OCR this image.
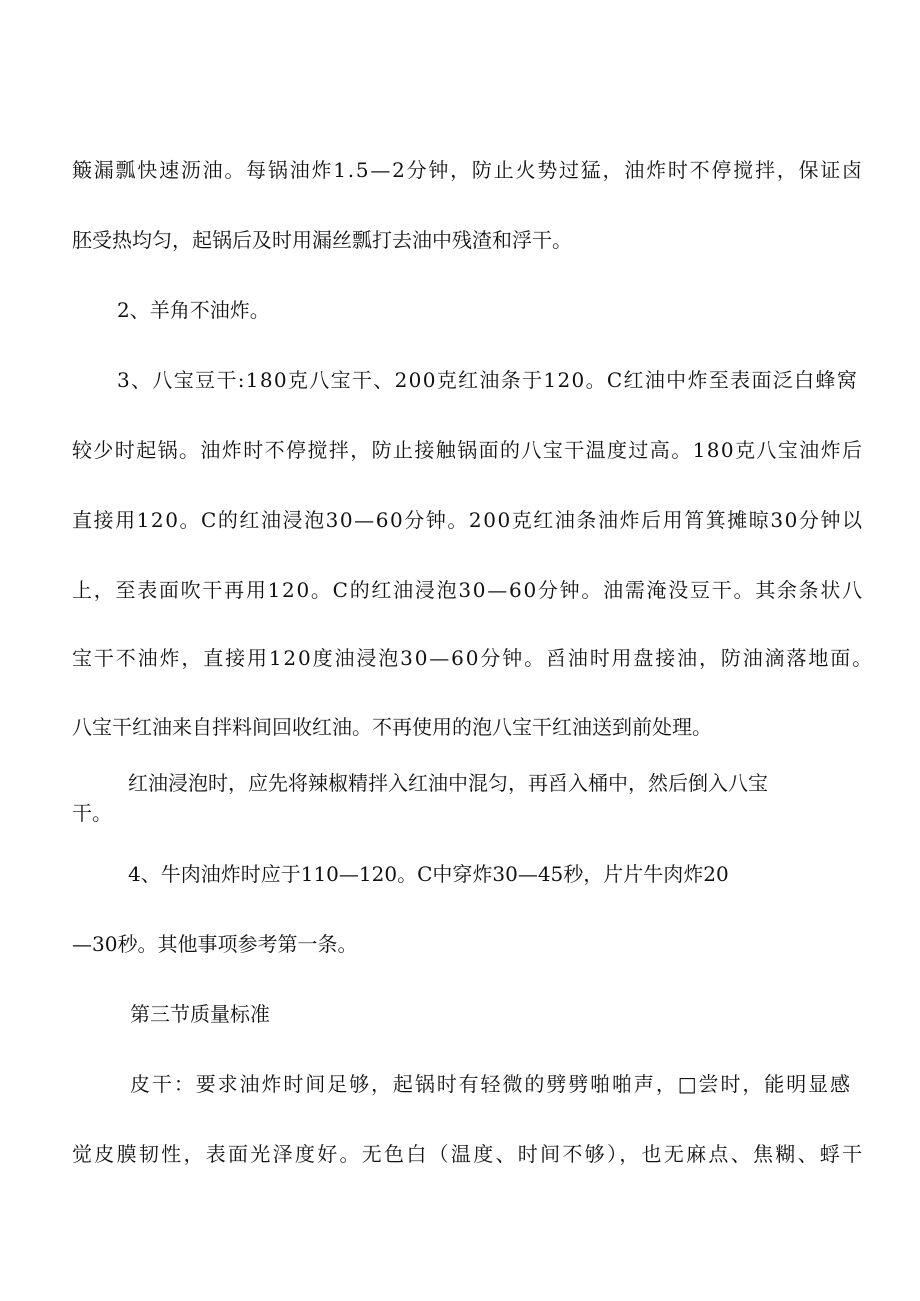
簸漏瓢快速沥油。每锅油炸1.5—2分钟，防止火势过猛，油炸时不停搅拌，保证卤

胚受热均匀，起锅后及时用漏丝瓢打去油中残渣和浮干。

2、羊角不油炸。

3、八宝豆干:180克八宝干、200克红油条于120。C红油中炸至表面泛白蜂窝

较少时起锅。油炸时不停搅拌，防止接触锅面的八宝干温度过高。180克八宝油炸后

直接用120。C的红油浸泡30—60分钟。200克红油条油炸后用筲箕摊晾30分钟以

上，至表面吹干再用120。C的红油浸泡30—60分钟。油需淹没豆干。其余条状八

宝干不油炸，直接用120度油浸泡30—60分钟。舀油时用盘接油，防油滴落地面。

八宝干红油来自拌料间回收红油。不再使用的泡八宝干红油送到前处理。

红油浸泡时，应先将辣椒精拌入红油中混匀，再舀入桶中，然后倒入八宝

干。

4、牛肉油炸时应于110—120。C中穿炸30—45秒，片片牛肉炸20

—30秒。其他事项参考第一条。

第三节质量标准

皮干：要求油炸时间足够，起锅时有轻微的劈劈啪啪声，□尝时，能明显感

觉皮膜韧性，表面光泽度好。无色白（温度、时间不够），也无麻点、焦糊、蜉干
